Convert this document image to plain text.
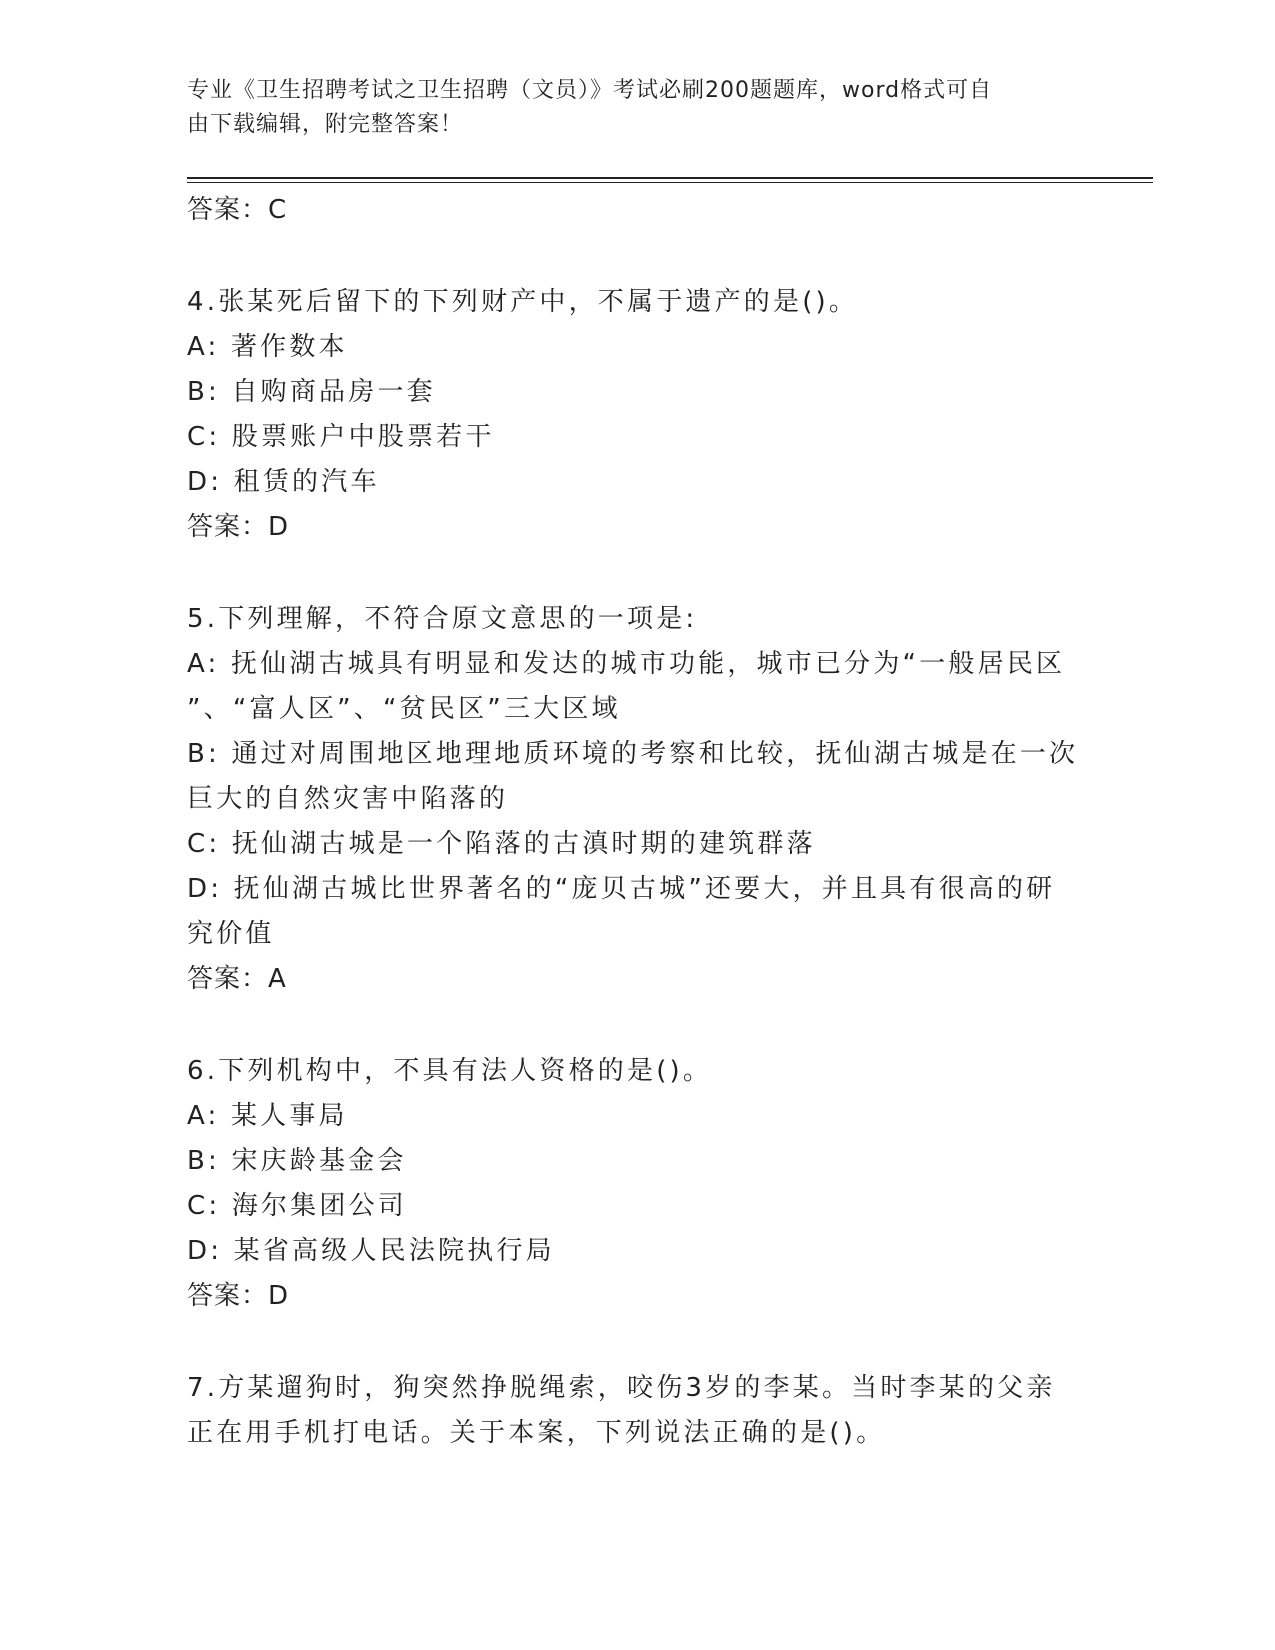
专业《卫生招聘考试之卫生招聘（文员）》考试必刷200题题库，word格式可自
由下载编辑，附完整答案！
答案：C
4.张某死后留下的下列财产中，不属于遗产的是()。
A: 著作数本
B: 自购商品房一套
C: 股票账户中股票若干
D: 租赁的汽车
答案：D
5.下列理解，不符合原文意思的一项是:
A: 抚仙湖古城具有明显和发达的城市功能，城市已分为“一般居民区
”、“富人区”、“贫民区”三大区域
B: 通过对周围地区地理地质环境的考察和比较，抚仙湖古城是在一次
巨大的自然灾害中陷落的
C: 抚仙湖古城是一个陷落的古滇时期的建筑群落
D: 抚仙湖古城比世界著名的“庞贝古城”还要大，并且具有很高的研
究价值
答案：A
6.下列机构中，不具有法人资格的是()。
A: 某人事局
B: 宋庆龄基金会
C: 海尔集团公司
D: 某省高级人民法院执行局
答案：D
7.方某遛狗时，狗突然挣脱绳索，咬伤3岁的李某。当时李某的父亲
正在用手机打电话。关于本案，下列说法正确的是()。
